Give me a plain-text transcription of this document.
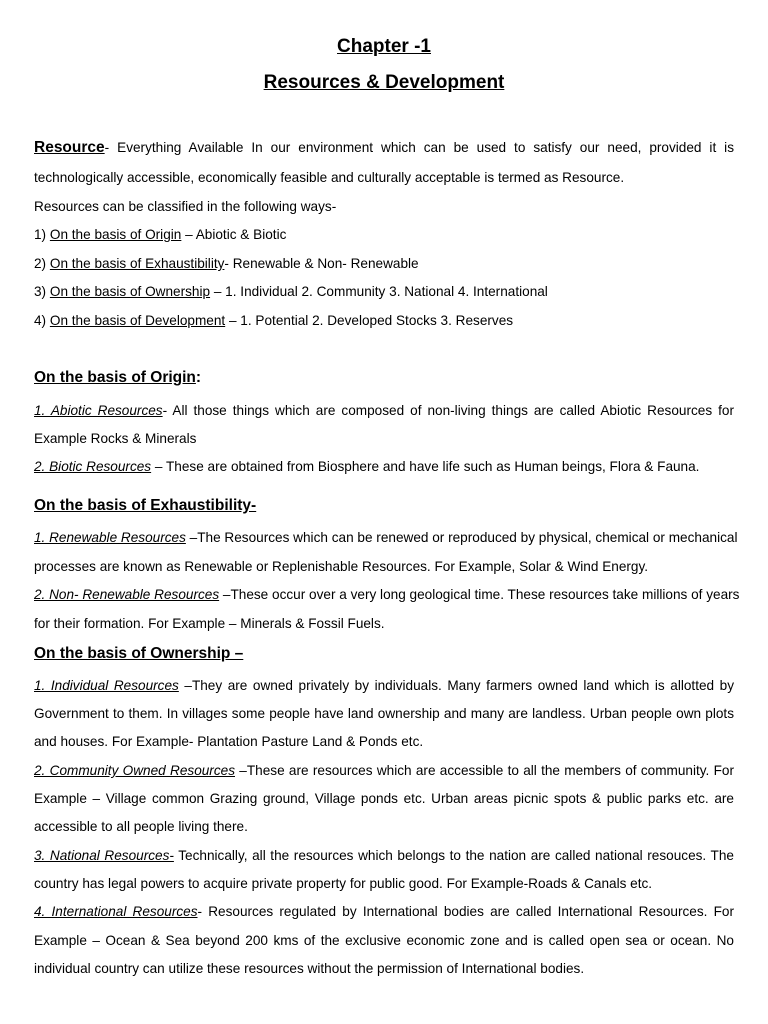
Chapter -1
Resources & Development
Resource- Everything Available In our environment which can be used to satisfy our need, provided it is
technologically accessible, economically feasible and culturally acceptable is termed as Resource.
Resources can be classified in the following ways-
1) On the basis of Origin – Abiotic & Biotic
2) On the basis of Exhaustibility- Renewable & Non- Renewable
3) On the basis of Ownership – 1. Individual 2. Community 3. National 4. International
4) On the basis of Development – 1. Potential 2. Developed Stocks 3. Reserves
On the basis of Origin:
1. Abiotic Resources- All those things which are composed of non-living things are called Abiotic Resources for
Example Rocks & Minerals
2. Biotic Resources – These are obtained from Biosphere and have life such as Human beings, Flora & Fauna.
On the basis of Exhaustibility-
1. Renewable Resources –The Resources which can be renewed or reproduced by physical, chemical or mechanical
processes are known as Renewable or Replenishable Resources. For Example, Solar & Wind Energy.
2. Non- Renewable Resources –These occur over a very long geological time. These resources take millions of years
for their formation. For Example – Minerals & Fossil Fuels.
On the basis of Ownership –
1. Individual Resources –They are owned privately by individuals. Many farmers owned land which is allotted by
Government to them. In villages some people have land ownership and many are landless. Urban people own plots
and houses. For Example- Plantation Pasture Land & Ponds etc.
2. Community Owned Resources –These are resources which are accessible to all the members of community. For
Example – Village common Grazing ground, Village ponds etc. Urban areas picnic spots & public parks etc. are
accessible to all people living there.
3. National Resources- Technically, all the resources which belongs to the nation are called national resouces. The
country has legal powers to acquire private property for public good. For Example-Roads & Canals etc.
4. International Resources- Resources regulated by International bodies are called International Resources. For
Example – Ocean & Sea beyond 200 kms of the exclusive economic zone and is called open sea or ocean. No
individual country can utilize these resources without the permission of International bodies.
